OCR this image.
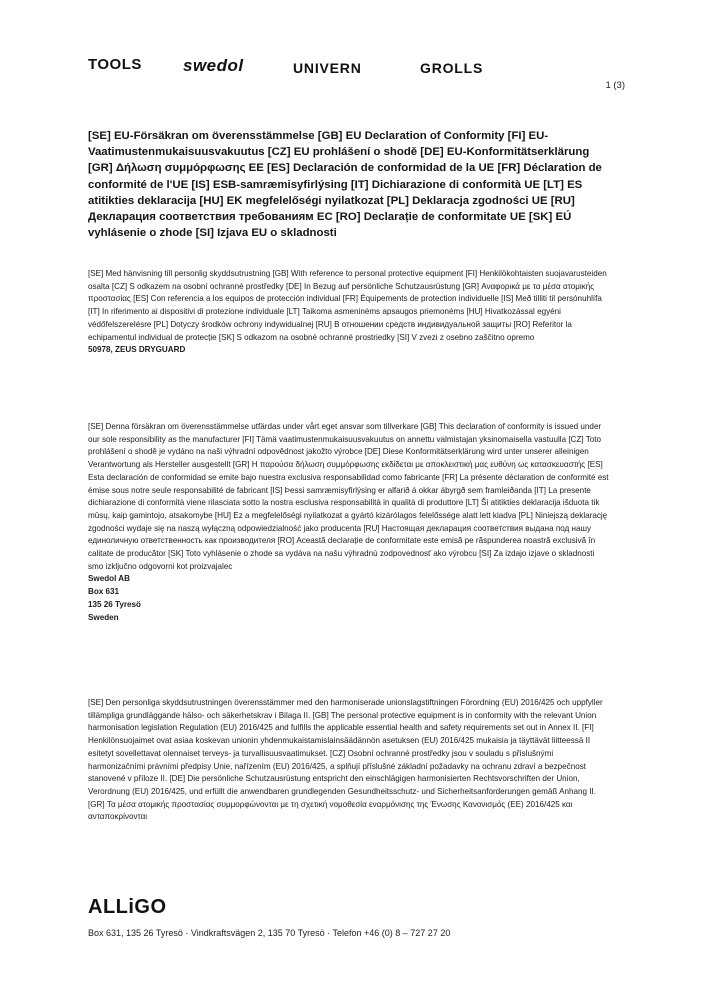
TOOLS swedol	UNIVERN	GROLLS
1 (3)
[SE] EU-Försäkran om överensstämmelse [GB] EU Declaration of Conformity [FI] EU-Vaatimustenmukaisuusvakuutus [CZ] EU prohlášení o shodě [DE] EU-Konformitätserklärung [GR] Δήλωση συμμόρφωσης ΕΕ [ES] Declaración de conformidad de la UE [FR] Déclaration de conformité de l'UE [IS] ESB-samræmisyfirlýsing [IT] Dichiarazione di conformità UE [LT] ES atitikties deklaracija [HU] EK megfelelőségi nyilatkozat [PL] Deklaracja zgodności UE [RU] Декларация соответствия требованиям ЕС [RO] Declarație de conformitate UE [SK] EÚ vyhlásenie o zhode [SI] Izjava EU o skladnosti
[SE] Med hänvisning till personlig skyddsutrustning [GB] With reference to personal protective equipment [FI] Henkilökohtaisten suojavarusteiden osalta [CZ] S odkazem na osobní ochranné prostředky [DE] In Bezug auf persönliche Schutzausrüstung [GR] Αναφορικά με τα μέσα ατομικής προστασίας [ES] Con referencia a los equipos de protección individual [FR] Équipements de protection individuelle [IS] Með tilliti til persónuhlífa [IT] In riferimento ai dispositivi di protezione individuale [LT] Taikoma asmeninėms apsaugos priemonėms [HU] Hivatkozással egyéni védőfelszerelésre [PL] Dotyczy środków ochrony indywidualnej [RU] В отношении средств индивидуальной защиты [RO] Referitor la echipamentul individual de protecție [SK] S odkazom na osobné ochranné prostriedky [SI] V zvezi z osebno zaščitno opremo
50978, ZEUS DRYGUARD
[SE] Denna försäkran om överensstämmelse utfärdas under vårt eget ansvar som tillverkare [GB] This declaration of conformity is issued under our sole responsibility as the manufacturer [FI] Tämä vaatimustenmukaisuusvakuutus on annettu valmistajan yksinomaisella vastuulla [CZ] Toto prohlášení o shodě je vydáno na naši výhradní odpovědnost jakožto výrobce [DE] Diese Konformitätserklärung wird unter unserer alleinigen Verantwortung als Hersteller ausgestellt [GR] Η παρούσα δήλωση συμμόρφωσης εκδίδεται με αποκλειστική μας ευθύνη ως κατασκευαστής [ES] Esta declaración de conformidad se emite bajo nuestra exclusiva responsabilidad como fabricante [FR] La présente déclaration de conformité est émise sous notre seule responsabilité de fabricant [IS] Þessi samræmisyfirlýsing er alfarið á okkar ábyrgð sem framleiðanda [IT] La presente dichiarazione di conformità viene rilasciata sotto la nostra esclusiva responsabilità in qualità di produttore [LT] Ši atitikties deklaracija išduota tik mūsų, kaip gamintojo, atsakomybe [HU] Ez a megfelelőségi nyilatkozat a gyártó kizárólagos felelőssége alatt lett kiadva [PL] Niniejszą deklarację zgodności wydaje się na naszą wyłączną odpowiedzialność jako producenta [RU] Настоящая декларация соответствия выдана под нашу единоличную ответственность как производителя [RO] Această declarație de conformitate este emisă pe răspunderea noastră exclusivă în calitate de producător [SK] Toto vyhlásenie o zhode sa vydáva na našu výhradnú zodpovednosť ako výrobcu [SI] Za izdajo izjave o skladnosti smo izključno odgovorni kot proizvajalec
Swedol AB
Box 631
135 26 Tyresö
Sweden
[SE] Den personliga skyddsutrustningen överensstämmer med den harmoniserade unionslagstiftningen Förordning (EU) 2016/425 och uppfyller tillämpliga grundläggande hälso- och säkerhetskrav i Bilaga II. [GB] The personal protective equipment is in conformity with the relevant Union harmonisation legislation Regulation (EU) 2016/425 and fulfills the applicable essential health and safety requirements set out in Annex II. [FI] Henkilönsuojaimet ovat asiaa koskevan unionin yhdenmukaistamislainsäädännön asetuksen (EU) 2016/425 mukaisia ja täyttävät liitteessä II esitetyt sovellettavat olennaiset terveys- ja turvallisuusvaatimukset. [CZ] Osobní ochranné prostředky jsou v souladu s příslušnými harmonizačními právními předpisy Unie, nařízením (EU) 2016/425, a splňují příslušné základní požadavky na ochranu zdraví a bezpečnost stanovené v příloze II. [DE] Die persönliche Schutzausrüstung entspricht den einschlägigen harmonisierten Rechtsvorschriften der Union, Verordnung (EU) 2016/425, und erfüllt die anwendbaren grundlegenden Gesundheitsschutz- und Sicherheitsanforderungen gemäß Anhang II. [GR] Τα μέσα ατομικής προστασίας συμμορφώνονται με τη σχετική νομοθεσία εναρμόνισης της Ένωσης Κανονισμός (ΕΕ) 2016/425 και ανταποκρίνονται
ALLiGO
Box 631, 135 26 Tyresö · Vindkraftsvägen 2, 135 70 Tyresö · Telefon +46 (0) 8 – 727 27 20
